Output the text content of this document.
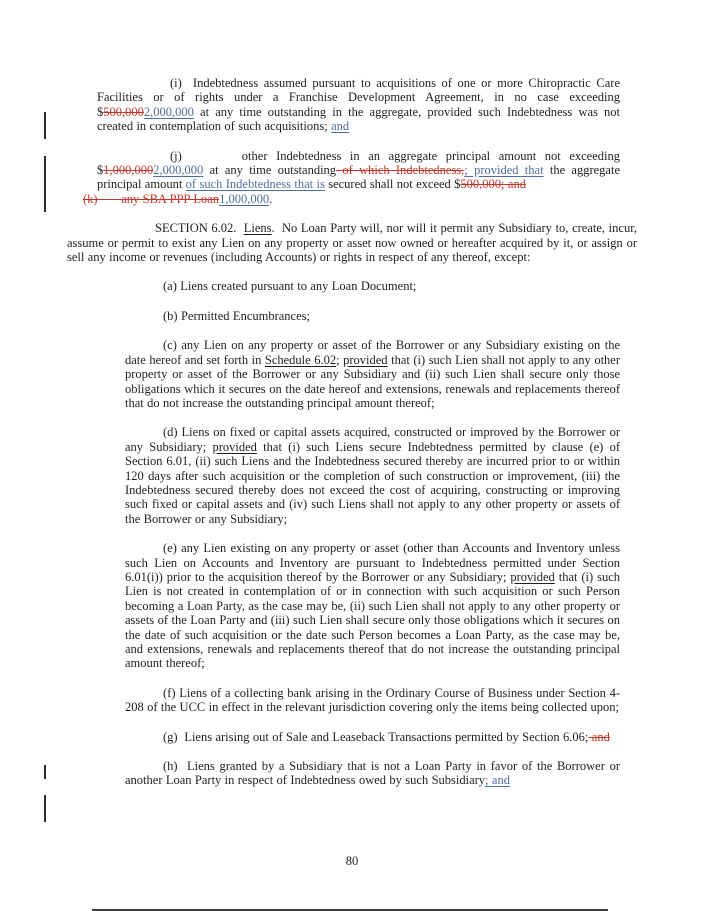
(i)  Indebtedness assumed pursuant to acquisitions of one or more Chiropractic Care Facilities or of rights under a Franchise Development Agreement, in no case exceeding $500,0002,000,000 at any time outstanding in the aggregate, provided such Indebtedness was not created in contemplation of such acquisitions; and

(j)       other Indebtedness in an aggregate principal amount not exceeding $1,000,0002,000,000 at any time outstanding of which Indebtedness,; provided that the aggregate principal amount of such Indebtedness that is secured shall not exceed $500,000; and

(k)       any SBA PPP Loan1,000,000.

SECTION 6.02.  Liens.  No Loan Party will, nor will it permit any Subsidiary to, create, incur, assume or permit to exist any Lien on any property or asset now owned or hereafter acquired by it, or assign or sell any income or revenues (including Accounts) or rights in respect of any thereof, except:

(a) Liens created pursuant to any Loan Document;

(b) Permitted Encumbrances;

(c) any Lien on any property or asset of the Borrower or any Subsidiary existing on the date hereof and set forth in Schedule 6.02; provided that (i) such Lien shall not apply to any other property or asset of the Borrower or any Subsidiary and (ii) such Lien shall secure only those obligations which it secures on the date hereof and extensions, renewals and replacements thereof that do not increase the outstanding principal amount thereof;

(d) Liens on fixed or capital assets acquired, constructed or improved by the Borrower or any Subsidiary; provided that (i) such Liens secure Indebtedness permitted by clause (e) of Section 6.01, (ii) such Liens and the Indebtedness secured thereby are incurred prior to or within 120 days after such acquisition or the completion of such construction or improvement, (iii) the Indebtedness secured thereby does not exceed the cost of acquiring, constructing or improving such fixed or capital assets and (iv) such Liens shall not apply to any other property or assets of the Borrower or any Subsidiary;

(e) any Lien existing on any property or asset (other than Accounts and Inventory unless such Lien on Accounts and Inventory are pursuant to Indebtedness permitted under Section 6.01(i)) prior to the acquisition thereof by the Borrower or any Subsidiary; provided that (i) such Lien is not created in contemplation of or in connection with such acquisition or such Person becoming a Loan Party, as the case may be, (ii) such Lien shall not apply to any other property or assets of the Loan Party and (iii) such Lien shall secure only those obligations which it secures on the date of such acquisition or the date such Person becomes a Loan Party, as the case may be, and extensions, renewals and replacements thereof that do not increase the outstanding principal amount thereof;

(f) Liens of a collecting bank arising in the Ordinary Course of Business under Section 4-208 of the UCC in effect in the relevant jurisdiction covering only the items being collected upon;

(g)  Liens arising out of Sale and Leaseback Transactions permitted by Section 6.06; and

(h)  Liens granted by a Subsidiary that is not a Loan Party in favor of the Borrower or another Loan Party in respect of Indebtedness owed by such Subsidiary; and

80
